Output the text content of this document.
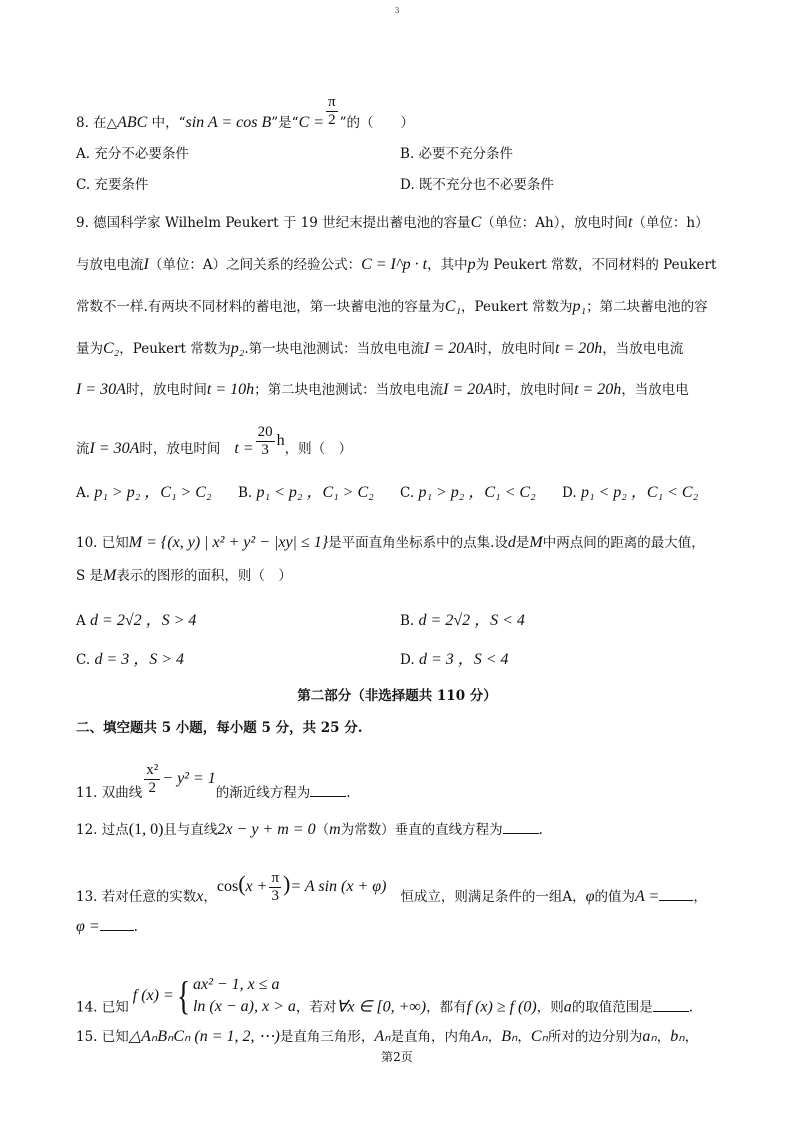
3
8. 在△ABC 中，“sin A = cos B”是“$C = \frac{\pi}{2}$ ”的（　　）
A. 充分不必要条件	B. 必要不充分条件
C. 充要条件	D. 既不充分也不必要条件
9. 德国科学家 Wilhelm Peukert 于 19 世纪末提出蓄电池的容量C（单位：Ah），放电时间t（单位：h）
与放电电流I（单位：A）之间关系的经验公式：C = I^p · t，其中p为 Peukert 常数，不同材料的 Peukert
常数不一样.有两块不同材料的蓄电池，第一块蓄电池的容量为C₁，Peukert 常数为p₁；第二块蓄电池的容
量为C₂，Peukert 常数为p₂.第一块电池测试：当放电电流I = 20A时，放电时间t = 20h，当放电电流
I = 30A时，放电时间t = 10h；第二块电池测试：当放电电流I = 20A时，放电时间t = 20h，当放电电
流I = 30A时，放电时间 $t = \frac{20}{3}$ h，则（　）
A. p₁ > p₂ ，C₁ > C₂ B. p₁ < p₂ ，C₁ > C₂ C. p₁ > p₂ ，C₁ < C₂ D. p₁ < p₂ ，C₁ < C₂
10. 已知M = {(x, y) | x² + y² − |xy| ≤ 1}是平面直角坐标系中的点集.设d是M中两点间的距离的最大值，
S 是M表示的图形的面积，则（　）
A d = 2√2 ，S > 4	B. d = 2√2 ，S < 4
C. d = 3 ，S > 4	D. d = 3 ，S < 4
第二部分（非选择题共 110 分）
二、填空题共 5 小题，每小题 5 分，共 25 分.
11. 双曲线 $\frac{\text{x²}}{2} - y^2 = 1$的渐近线方程为	.
12. 过点(1, 0)且与直线2x − y + m = 0（m为常数）垂直的直线方程为	.
13. 若对任意的实数x，$\cos(x + \frac{\pi}{3}$ )= A sin (x + φ)恒成立，则满足条件的一组A，φ的值为A =	，
φ =	.
14. 已知f (x) ={ ax² − 1, x ≤ a
ln (x − a), x > a ，若对∀x ∈ [0, +∞)，都有f (x) ≥ f (0)，则a的取值范围是	.
15. 已知△AₙBₙCₙ (n = 1, 2, ⋯)是直角三角形，Aₙ是直角，内角Aₙ，Bₙ，Cₙ所对的边分别为aₙ，bₙ，
第2页
